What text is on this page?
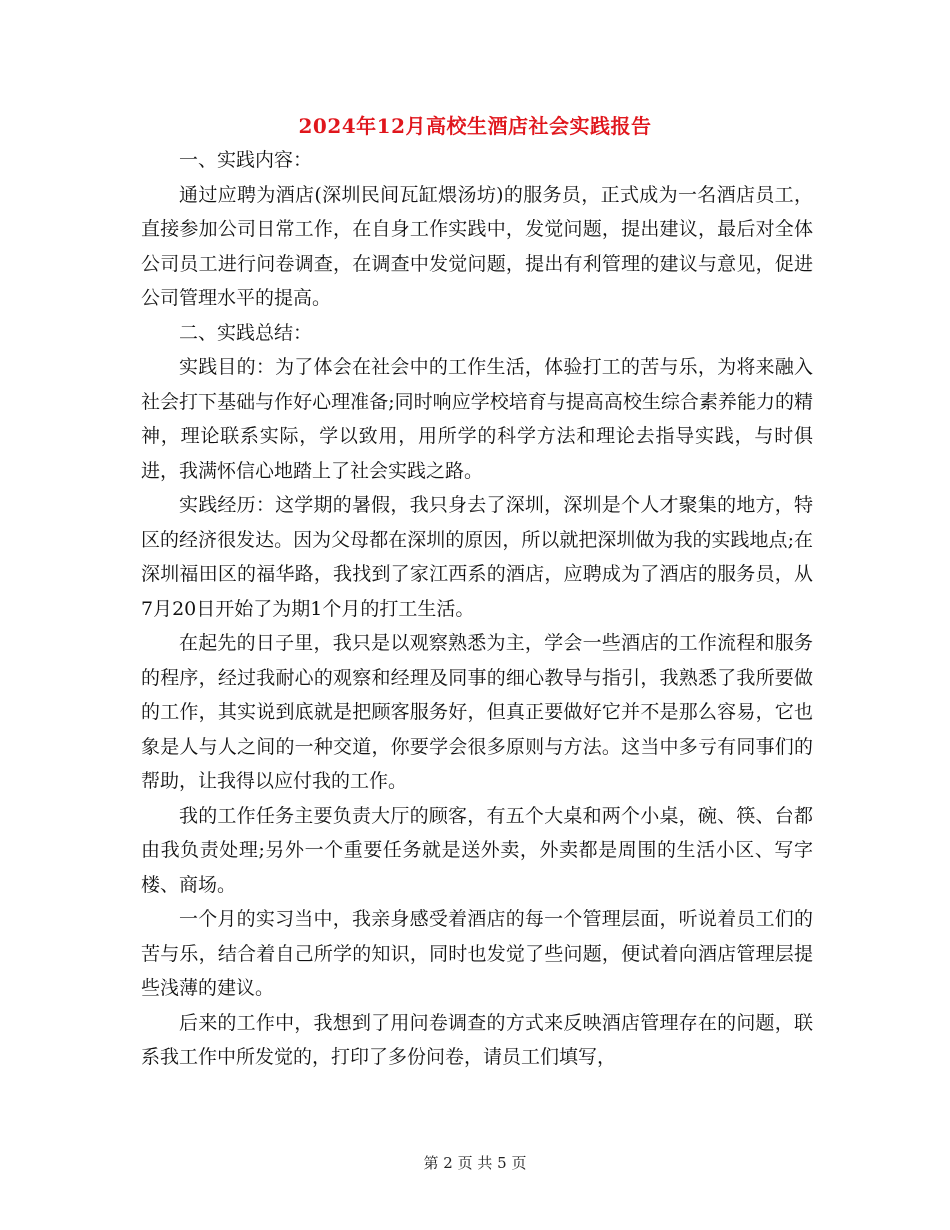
2024年12月高校生酒店社会实践报告

一、实践内容：

通过应聘为酒店(深圳民间瓦缸煨汤坊)的服务员，正式成为一名酒店员工，直接参加公司日常工作，在自身工作实践中，发觉问题，提出建议，最后对全体公司员工进行问卷调查，在调查中发觉问题，提出有利管理的建议与意见，促进公司管理水平的提高。

二、实践总结：

实践目的：为了体会在社会中的工作生活，体验打工的苦与乐，为将来融入社会打下基础与作好心理准备;同时响应学校培育与提高高校生综合素养能力的精神，理论联系实际，学以致用，用所学的科学方法和理论去指导实践，与时俱进，我满怀信心地踏上了社会实践之路。

实践经历：这学期的暑假，我只身去了深圳，深圳是个人才聚集的地方，特区的经济很发达。因为父母都在深圳的原因，所以就把深圳做为我的实践地点;在深圳福田区的福华路，我找到了家江西系的酒店，应聘成为了酒店的服务员，从7月20日开始了为期1个月的打工生活。

在起先的日子里，我只是以观察熟悉为主，学会一些酒店的工作流程和服务的程序，经过我耐心的观察和经理及同事的细心教导与指引，我熟悉了我所要做的工作，其实说到底就是把顾客服务好，但真正要做好它并不是那么容易，它也象是人与人之间的一种交道，你要学会很多原则与方法。这当中多亏有同事们的帮助，让我得以应付我的工作。

我的工作任务主要负责大厅的顾客，有五个大桌和两个小桌，碗、筷、台都由我负责处理;另外一个重要任务就是送外卖，外卖都是周围的生活小区、写字楼、商场。

一个月的实习当中，我亲身感受着酒店的每一个管理层面，听说着员工们的苦与乐，结合着自己所学的知识，同时也发觉了些问题，便试着向酒店管理层提些浅薄的建议。

后来的工作中，我想到了用问卷调查的方式来反映酒店管理存在的问题，联系我工作中所发觉的，打印了多份问卷，请员工们填写，

第 2 页 共 5 页
